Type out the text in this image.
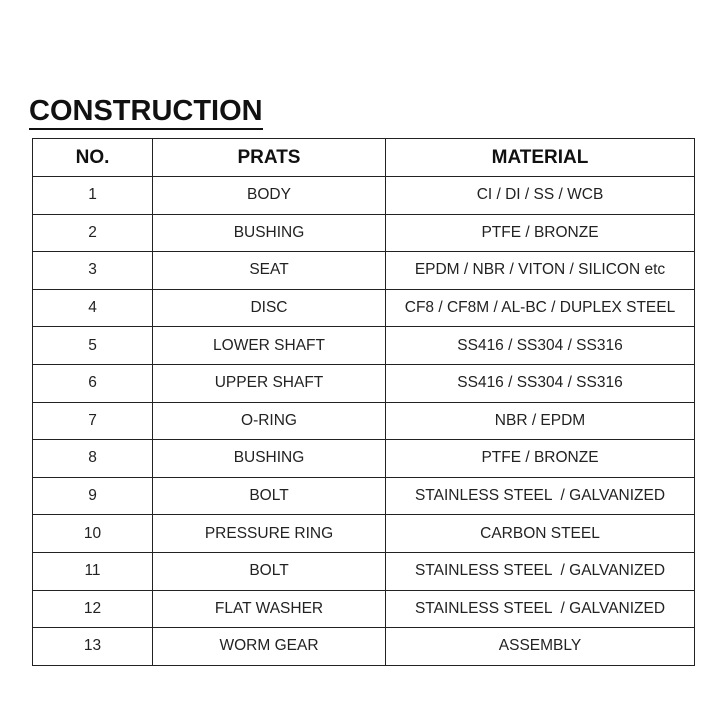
CONSTRUCTION
NO.	PRATS	MATERIAL
1	BODY	CI / DI / SS / WCB
2	BUSHING	PTFE / BRONZE
3	SEAT	EPDM / NBR / VITON / SILICON etc
4	DISC	CF8 / CF8M / AL-BC / DUPLEX STEEL
5	LOWER SHAFT	SS416 / SS304 / SS316
6	UPPER SHAFT	SS416 / SS304 / SS316
7	O-RING	NBR / EPDM
8	BUSHING	PTFE / BRONZE
9	BOLT	STAINLESS STEEL  / GALVANIZED
10	PRESSURE RING	CARBON STEEL
11	BOLT	STAINLESS STEEL  / GALVANIZED
12	FLAT WASHER	STAINLESS STEEL  / GALVANIZED
13	WORM GEAR	ASSEMBLY
